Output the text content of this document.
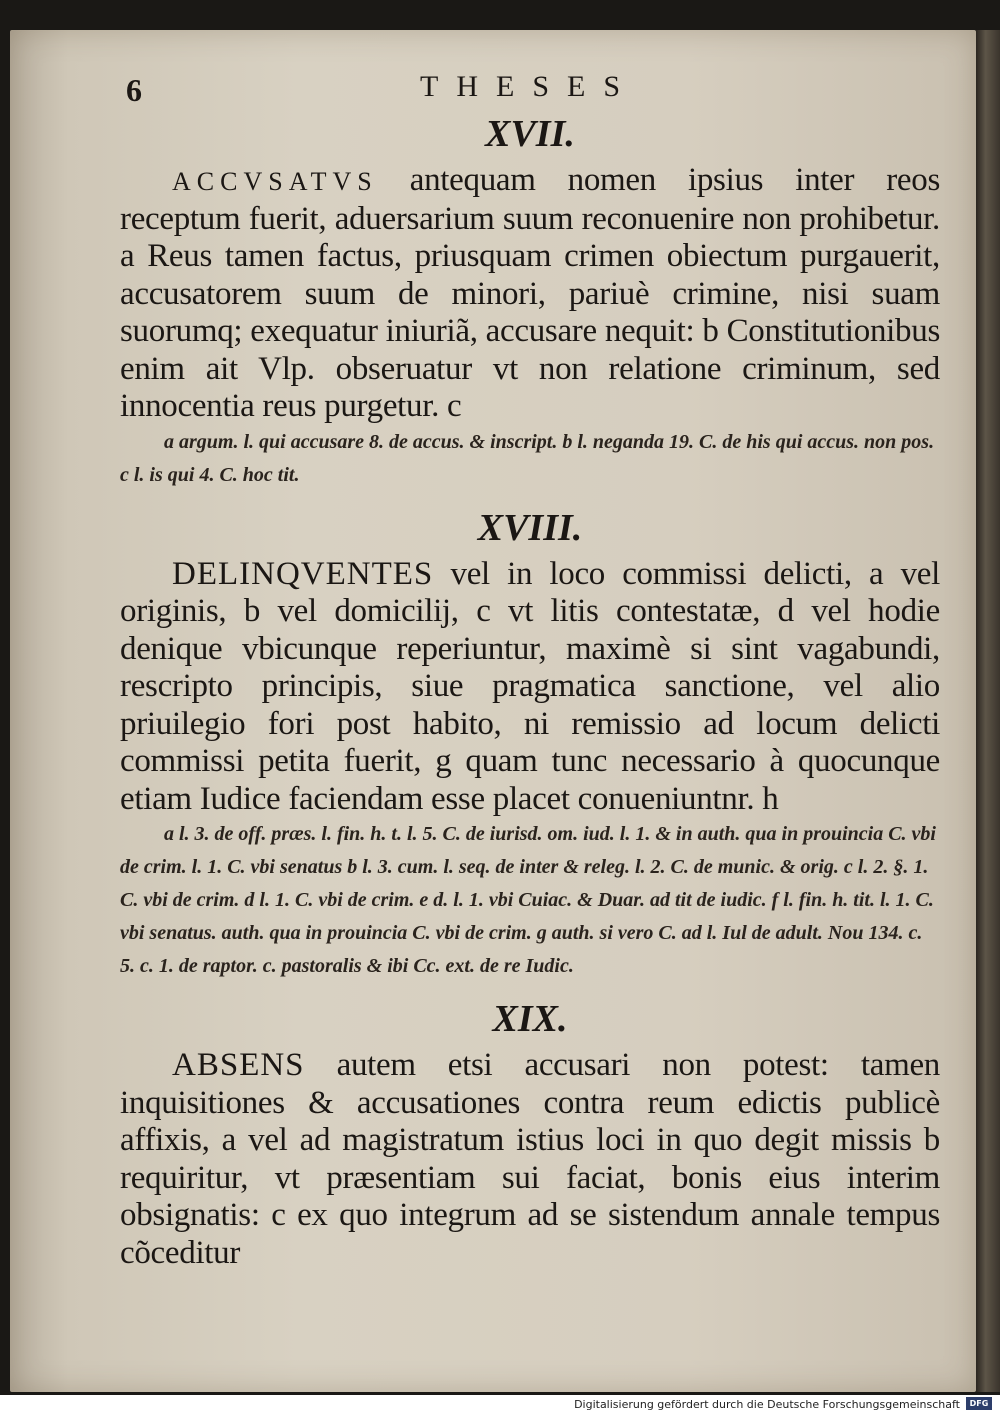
6	THESES
XVII.

ACCVSATVS antequam nomen ipsius inter reos receptum fuerit, aduersarium suum reconuenire non prohibetur. a Reus tamen factus, priusquam crimen obiectum purgauerit, accusatorem suum de minori, pariuè crimine, nisi suam suorumq; exequatur iniuriã, accusare nequit: b Constitutionibus enim ait Vlp. obseruatur vt non relatione criminum, sed innocentia reus purgetur. c

a argum. l. qui accusare 8. de accus. & inscript. b l. neganda 19. C. de his qui accus. non pos. c l. is qui 4. C. hoc tit.

XVIII.

DELINQVENTES vel in loco commissi delicti, a vel originis, b vel domicilij, c vt litis contestatæ, d vel hodie denique vbicunque reperiuntur, maximè si sint vagabundi, rescripto principis, siue pragmatica sanctione, vel alio priuilegio fori post habito, ni remissio ad locum delicti commissi petita fuerit, g quam tunc necessario à quocunque etiam Iudice faciendam esse placet conueniuntnr. h

a l. 3. de off. præs. l. fin. h. t. l. 5. C. de iurisd. om. iud. l. 1. & in auth. qua in prouincia C. vbi de crim. l. 1. C. vbi senatus b l. 3. cum. l. seq. de inter & releg. l. 2. C. de munic. & orig. c l. 2. §. 1. C. vbi de crim. d l. 1. C. vbi de crim. e d. l. 1. vbi Cuiac. & Duar. ad tit de iudic. f l. fin. h. tit. l. 1. C. vbi senatus. auth. qua in prouincia C. vbi de crim. g auth. si vero C. ad l. Iul de adult. Nou 134. c. 5. c. 1. de raptor. c. pastoralis & ibi Cc. ext. de re Iudic.

XIX.

ABSENS autem etsi accusari non potest: tamen inquisitiones & accusationes contra reum edictis publicè affixis, a vel ad magistratum istius loci in quo degit missis b requiritur, vt præsentiam sui faciat, bonis eius interim obsignatis: c ex quo integrum ad se sistendum annale tempus cõceditur

Digitalisierung gefördert durch die Deutsche Forschungsgemeinschaft	DFG
